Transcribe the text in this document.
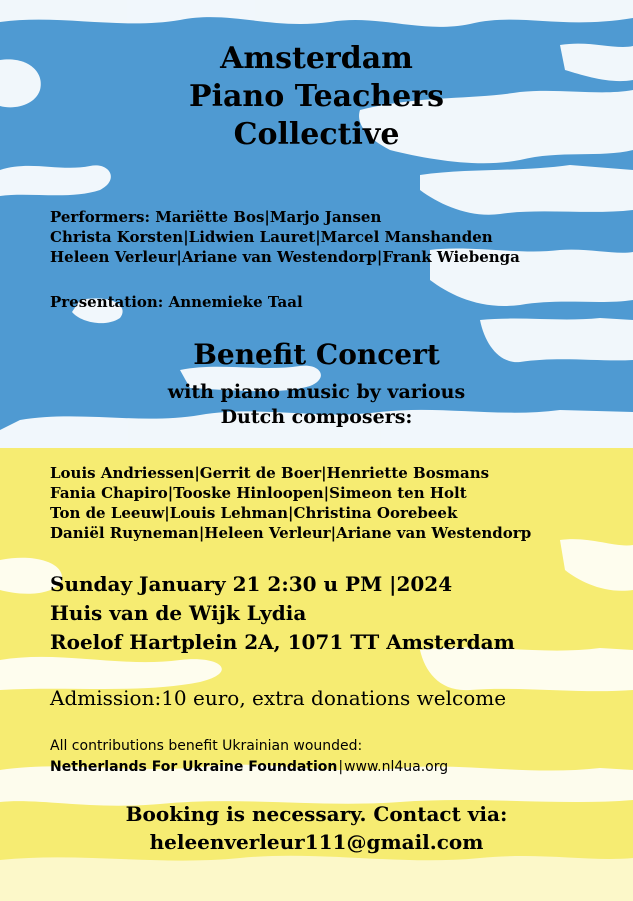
Amsterdam
Piano Teachers
Collective
Performers: Mariëtte Bos|Marjo Jansen
Christa Korsten|Lidwien Lauret|Marcel Manshanden
Heleen Verleur|Ariane van Westendorp|Frank Wiebenga
Presentation: Annemieke Taal
Benefit Concert
with piano music by various
Dutch composers:
Louis Andriessen|Gerrit de Boer|Henriette Bosmans
Fania Chapiro|Tooske Hinloopen|Simeon ten Holt
Ton de Leeuw|Louis Lehman|Christina Oorebeek
Daniël Ruyneman|Heleen Verleur|Ariane van Westendorp
Sunday January 21 2:30 u PM |2024
Huis van de Wijk Lydia
Roelof Hartplein 2A, 1071 TT Amsterdam
Admission:10 euro, extra donations welcome
All contributions benefit Ukrainian wounded:
Netherlands For Ukraine Foundation|www.nl4ua.org
Booking is necessary. Contact via:
heleenverleur111@gmail.com
